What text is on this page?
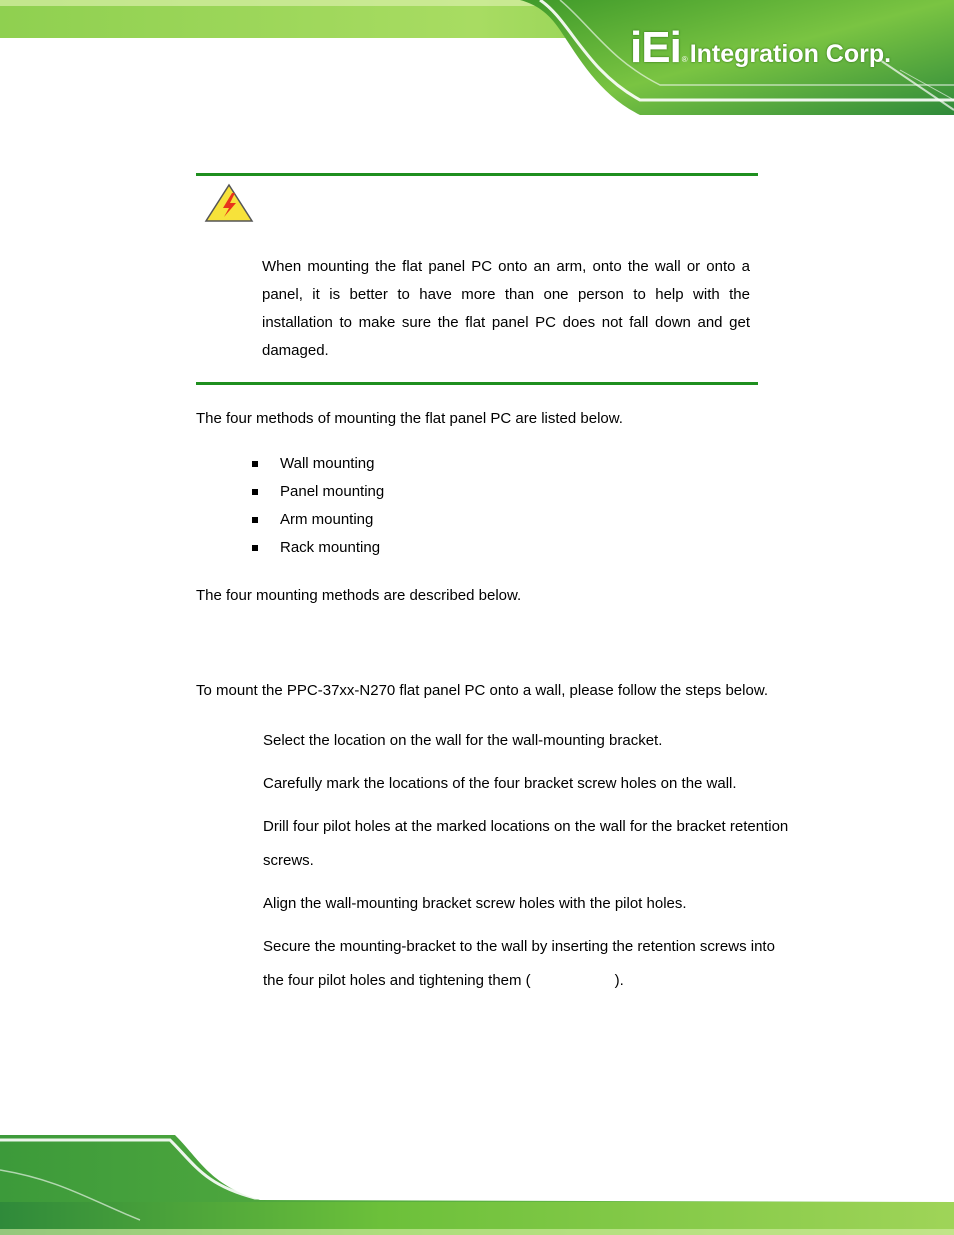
iEi ® Integration Corp.
When mounting the flat panel PC onto an arm, onto the wall or onto a panel, it is better to have more than one person to help with the installation to make sure the flat panel PC does not fall down and get damaged.
The four methods of mounting the flat panel PC are listed below.
Wall mounting
Panel mounting
Arm mounting
Rack mounting
The four mounting methods are described below.
To mount the PPC-37xx-N270 flat panel PC onto a wall, please follow the steps below.
Select the location on the wall for the wall-mounting bracket.
Carefully mark the locations of the four bracket screw holes on the wall.
Drill four pilot holes at the marked locations on the wall for the bracket retention
screws.
Align the wall-mounting bracket screw holes with the pilot holes.
Secure the mounting-bracket to the wall by inserting the retention screws into
the four pilot holes and tightening them (	).
